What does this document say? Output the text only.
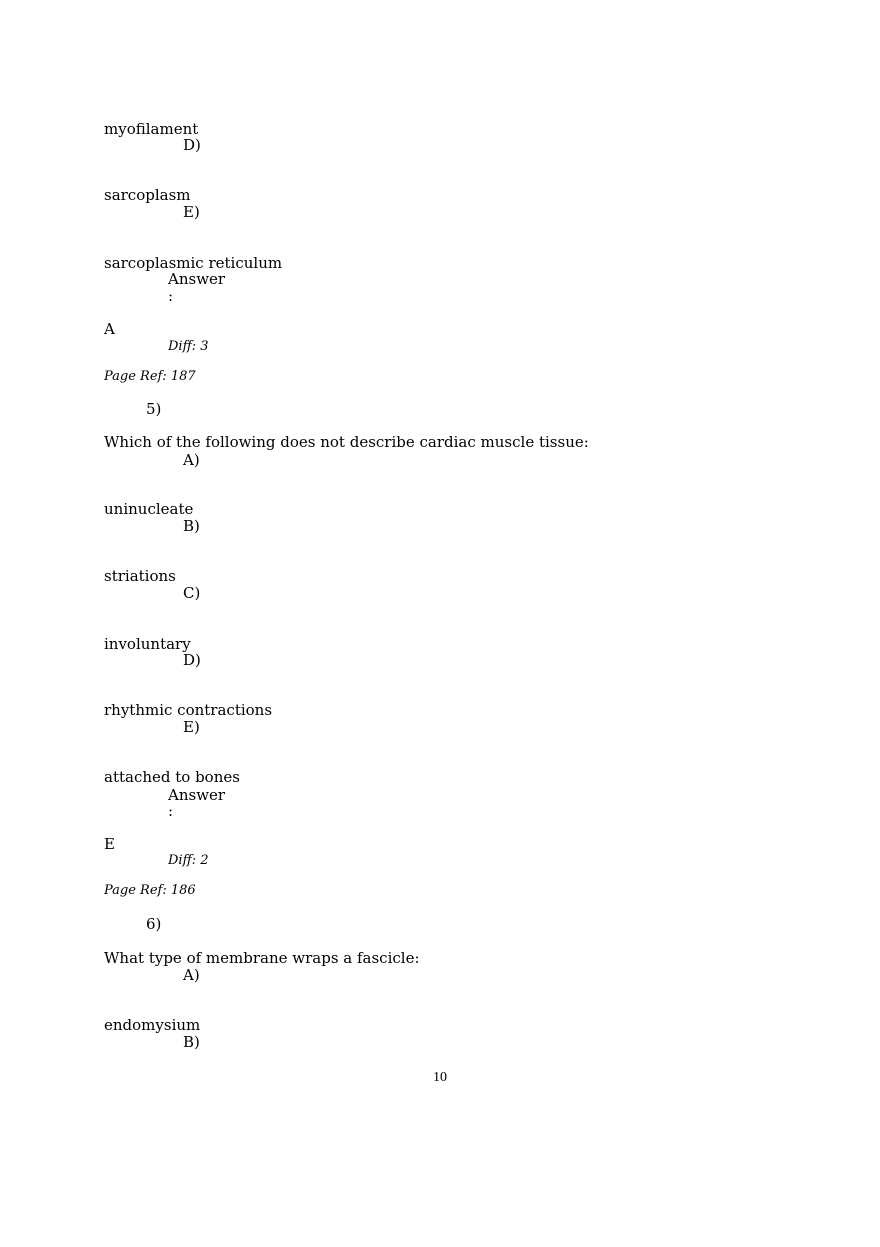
myofilament
D)
sarcoplasm
E)
sarcoplasmic reticulum
Answer
:
A
Diff: 3
Page Ref: 187
5)
Which of the following does not describe cardiac muscle tissue:
A)
uninucleate
B)
striations
C)
involuntary
D)
rhythmic contractions
E)
attached to bones
Answer
:
E
Diff: 2
Page Ref: 186
6)
What type of membrane wraps a fascicle:
A)
endomysium
B)
10
